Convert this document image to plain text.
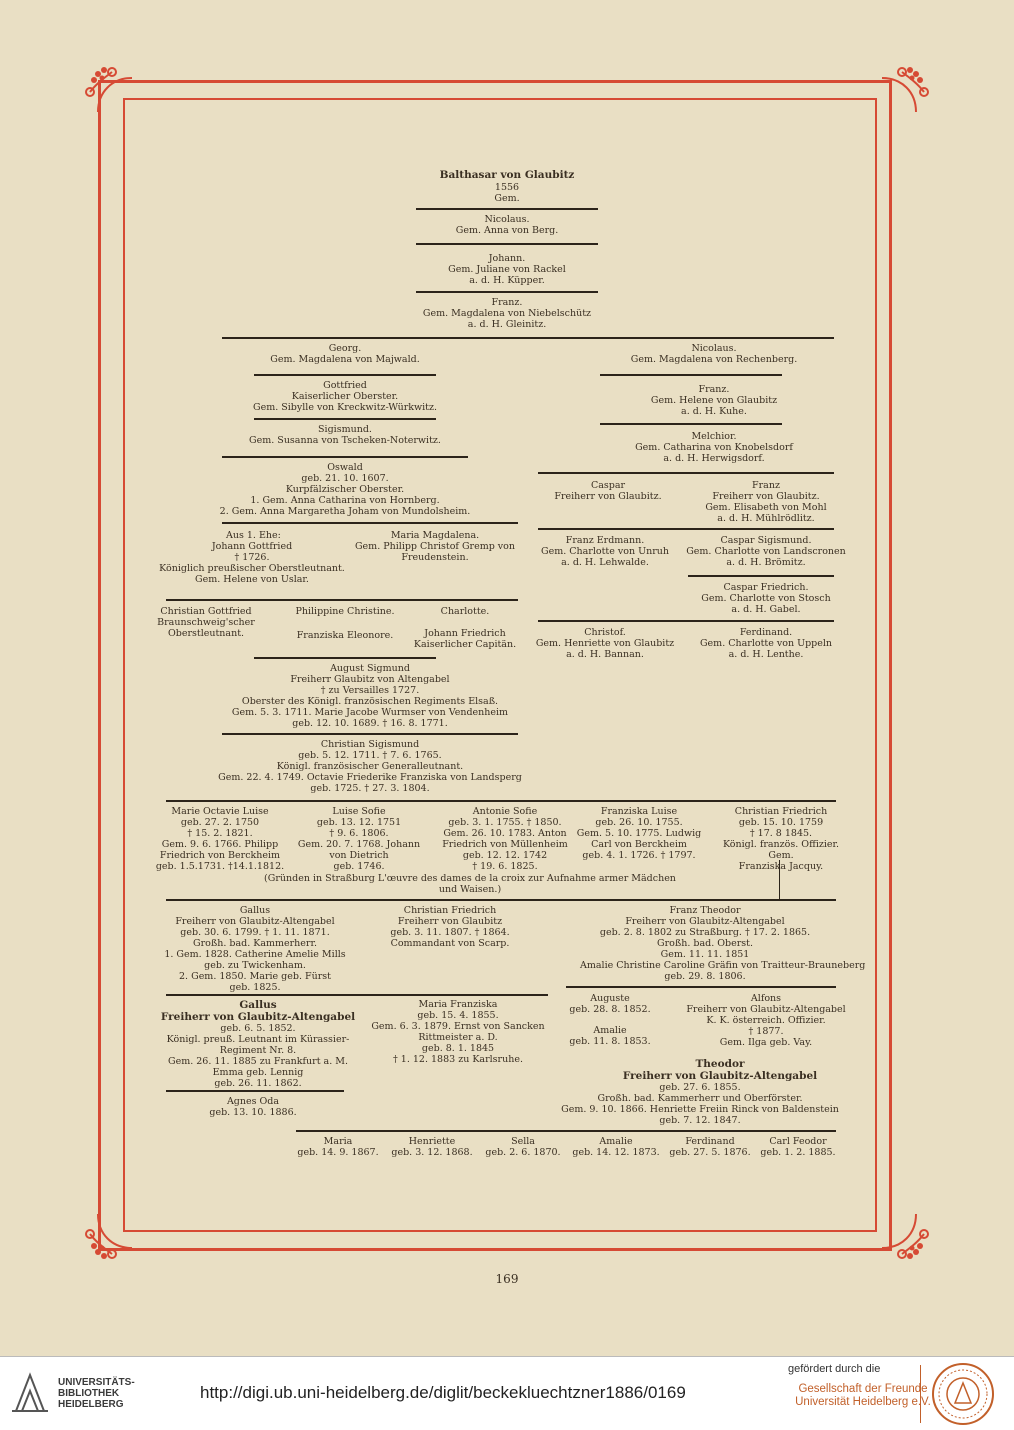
Balthasar von Glaubitz
1556
Gem.
Nicolaus.
Gem. Anna von Berg.
Johann.
Gem. Juliane von Rackel
a. d. H. Küpper.
Franz.
Gem. Magdalena von Niebelschütz
a. d. H. Gleinitz.
Georg.
Gem. Magdalena von Majwald.
Gottfried
Kaiserlicher Oberster.
Gem. Sibylle von Kreckwitz-Würkwitz.
Sigismund.
Gem. Susanna von Tscheken-Noterwitz.
Oswald
geb. 21. 10. 1607.
Kurpfälzischer Oberster.
1. Gem. Anna Catharina von Hornberg.
2. Gem. Anna Margaretha Joham von Mundolsheim.
Aus 1. Ehe:
Johann Gottfried
† 1726.
Königlich preußischer Oberstleutnant.
Gem. Helene von Uslar.
Maria Magdalena.
Gem. Philipp Christof Gremp von
Freudenstein.
Christian Gottfried
Braunschweig'scher
Oberstleutnant.
Philippine Christine.
Franziska Eleonore.
Charlotte.
Johann Friedrich
Kaiserlicher Capitän.
August Sigmund
Freiherr Glaubitz von Altengabel
† zu Versailles 1727.
Oberster des Königl. französischen Regiments Elsaß.
Gem. 5. 3. 1711. Marie Jacobe Wurmser von Vendenheim
geb. 12. 10. 1689. † 16. 8. 1771.
Christian Sigismund
geb. 5. 12. 1711. † 7. 6. 1765.
Königl. französischer Generalleutnant.
Gem. 22. 4. 1749. Octavie Friederike Franziska von Landsperg
geb. 1725. † 27. 3. 1804.
Nicolaus.
Gem. Magdalena von Rechenberg.
Franz.
Gem. Helene von Glaubitz
a. d. H. Kuhe.
Melchior.
Gem. Catharina von Knobelsdorf
a. d. H. Herwigsdorf.
Caspar
Freiherr von Glaubitz.
Franz
Freiherr von Glaubitz.
Gem. Elisabeth von Mohl
a. d. H. Mühlrödlitz.
Franz Erdmann.
Gem. Charlotte von Unruh
a. d. H. Lehwalde.
Caspar Sigismund.
Gem. Charlotte von Landscronen
a. d. H. Brömitz.
Caspar Friedrich.
Gem. Charlotte von Stosch
a. d. H. Gabel.
Christof.
Gem. Henriette von Glaubitz
a. d. H. Bannan.
Ferdinand.
Gem. Charlotte von Uppeln
a. d. H. Lenthe.
Marie Octavie Luise
geb. 27. 2. 1750
† 15. 2. 1821.
Gem. 9. 6. 1766. Philipp
Friedrich von Berckheim
geb. 1.5.1731. †14.1.1812.
Luise Sofie
geb. 13. 12. 1751
† 9. 6. 1806.
Gem. 20. 7. 1768. Johann
von Dietrich
geb. 1746.
Antonie Sofie
geb. 3. 1. 1755. † 1850.
Gem. 26. 10. 1783. Anton
Friedrich von Müllenheim
geb. 12. 12. 1742
† 19. 6. 1825.
Franziska Luise
geb. 26. 10. 1755.
Gem. 5. 10. 1775. Ludwig
Carl von Berckheim
geb. 4. 1. 1726. † 1797.
Christian Friedrich
geb. 15. 10. 1759
† 17. 8 1845.
Königl. französ. Offizier.
Gem.
Franziska Jacquy.
(Gründen in Straßburg L'œuvre des dames de la croix zur Aufnahme armer Mädchen
und Waisen.)
Gallus
Freiherr von Glaubitz-Altengabel
geb. 30. 6. 1799. † 1. 11. 1871.
Großh. bad. Kammerherr.
1. Gem. 1828. Catherine Amelie Mills
geb. zu Twickenham.
2. Gem. 1850. Marie geb. Fürst
geb. 1825.
Christian Friedrich
Freiherr von Glaubitz
geb. 3. 11. 1807. † 1864.
Commandant von Scarp.
Franz Theodor
Freiherr von Glaubitz-Altengabel
geb. 2. 8. 1802 zu Straßburg. † 17. 2. 1865.
Großh. bad. Oberst.
Gem. 11. 11. 1851
Amalie Christine Caroline Gräfin von Traitteur-Brauneberg
geb. 29. 8. 1806.
Gallus
Freiherr von Glaubitz-Altengabel
geb. 6. 5. 1852.
Königl. preuß. Leutnant im Kürassier-
Regiment Nr. 8.
Gem. 26. 11. 1885 zu Frankfurt a. M.
Emma geb. Lennig
geb. 26. 11. 1862.
Maria Franziska
geb. 15. 4. 1855.
Gem. 6. 3. 1879. Ernst von Sancken
Rittmeister a. D.
geb. 8. 1. 1845
† 1. 12. 1883 zu Karlsruhe.
Auguste
geb. 28. 8. 1852.
Amalie
geb. 11. 8. 1853.
Alfons
Freiherr von Glaubitz-Altengabel
K. K. österreich. Offizier.
† 1877.
Gem. Ilga geb. Vay.
Agnes Oda
geb. 13. 10. 1886.
Theodor
Freiherr von Glaubitz-Altengabel
geb. 27. 6. 1855.
Großh. bad. Kammerherr und Oberförster.
Gem. 9. 10. 1866. Henriette Freiin Rinck von Baldenstein
geb. 7. 12. 1847.
Maria
geb. 14. 9. 1867.
Henriette
geb. 3. 12. 1868.
Sella
geb. 2. 6. 1870.
Amalie
geb. 14. 12. 1873.
Ferdinand
geb. 27. 5. 1876.
Carl Feodor
geb. 1. 2. 1885.
169
UNIVERSITÄTS-
BIBLIOTHEK
HEIDELBERG
http://digi.ub.uni-heidelberg.de/diglit/beckekluechtzner1886/0169
gefördert durch die
Gesellschaft der Freunde
Universität Heidelberg e.V.
